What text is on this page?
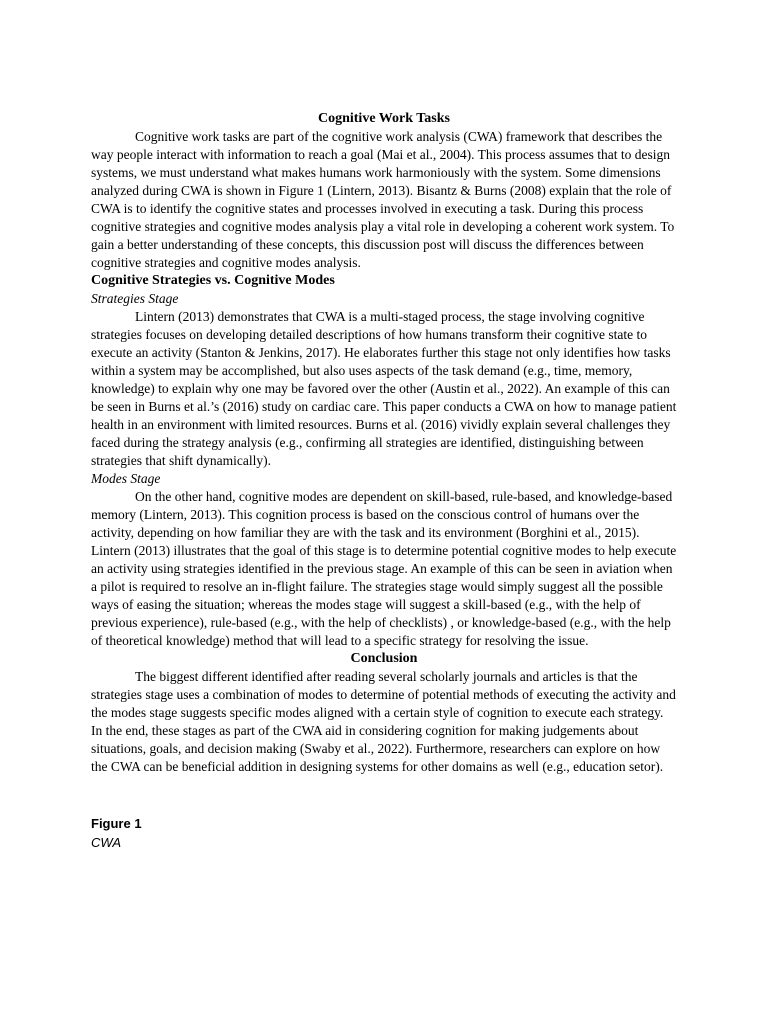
Cognitive Work Tasks

Cognitive work tasks are part of the cognitive work analysis (CWA) framework that describes the way people interact with information to reach a goal (Mai et al., 2004). This process assumes that to design systems, we must understand what makes humans work harmoniously with the system. Some dimensions analyzed during CWA is shown in Figure 1 (Lintern, 2013). Bisantz & Burns (2008) explain that the role of CWA is to identify the cognitive states and processes involved in executing a task. During this process cognitive strategies and cognitive modes analysis play a vital role in developing a coherent work system. To gain a better understanding of these concepts, this discussion post will discuss the differences between cognitive strategies and cognitive modes analysis.

Cognitive Strategies vs. Cognitive Modes
Strategies Stage

Lintern (2013) demonstrates that CWA is a multi-staged process, the stage involving cognitive strategies focuses on developing detailed descriptions of how humans transform their cognitive state to execute an activity (Stanton & Jenkins, 2017). He elaborates further this stage not only identifies how tasks within a system may be accomplished, but also uses aspects of the task demand (e.g., time, memory, knowledge) to explain why one may be favored over the other (Austin et al., 2022). An example of this can be seen in Burns et al.’s (2016) study on cardiac care. This paper conducts a CWA on how to manage patient health in an environment with limited resources. Burns et al. (2016) vividly explain several challenges they faced during the strategy analysis (e.g., confirming all strategies are identified, distinguishing between strategies that shift dynamically).

Modes Stage

On the other hand, cognitive modes are dependent on skill-based, rule-based, and knowledge-based memory (Lintern, 2013). This cognition process is based on the conscious control of humans over the activity, depending on how familiar they are with the task and its environment (Borghini et al., 2015). Lintern (2013) illustrates that the goal of this stage is to determine potential cognitive modes to help execute an activity using strategies identified in the previous stage. An example of this can be seen in aviation when a pilot is required to resolve an in-flight failure. The strategies stage would simply suggest all the possible ways of easing the situation; whereas the modes stage will suggest a skill-based (e.g., with the help of previous experience), rule-based (e.g., with the help of checklists) , or knowledge-based (e.g., with the help of theoretical knowledge) method that will lead to a specific strategy for resolving the issue.

Conclusion

The biggest different identified after reading several scholarly journals and articles is that the strategies stage uses a combination of modes to determine of potential methods of executing the activity and the modes stage suggests specific modes aligned with a certain style of cognition to execute each strategy. In the end, these stages as part of the CWA aid in considering cognition for making judgements about situations, goals, and decision making (Swaby et al., 2022). Furthermore, researchers can explore on how the CWA can be beneficial addition in designing systems for other domains as well (e.g., education setor).

Figure 1
CWA
